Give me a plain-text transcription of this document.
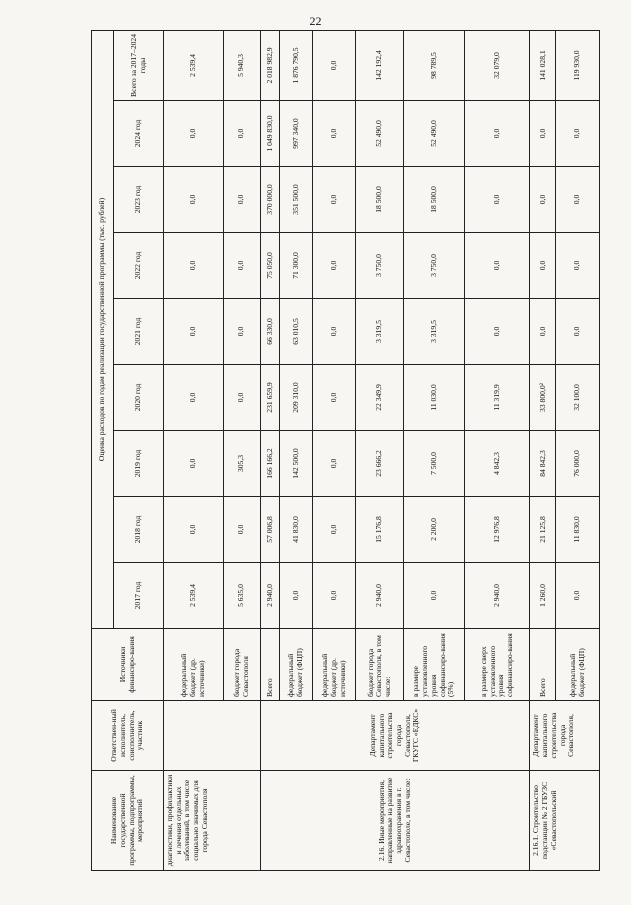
22
Наименование государственной программы, подпрограммы, мероприятий	Ответствен-ный исполнитель, соисполнитель, участник	Источники финансиро-вания	Оценка расходов по годам реализации государственной программы (тыс. рублей)								
			2017 год	2018 год	2019 год	2020 год	2021 год	2022 год	2023 год	2024 год	Всего за 2017–2024 годы
диагностики, профилактики и лечения отдельных заболеваний, в том числе социально значимых для города Севастополя		федеральный бюджет (др. источники)	2 539,4	0,0	0,0	0,0	0,0	0,0	0,0	0,0	2 539,4
		бюджет города Севастополя	5 635,0	0,0	305,3	0,0	0,0	0,0	0,0	0,0	5 940,3
2.16. Иные мероприятия, направленные на развитие здравоохранения в г. Севастополе, в том числе:	Департамент капитального строительства города Севастополя, ГКУГС «ЕДКС»	Всего	2 940,0	57 006,8	166 166,2	231 659,9	66 330,0	75 050,0	370 000,0	1 049 830,0	2 018 982,9
		федеральный бюджет (ФЦП)	0,0	41 830,0	142 500,0	209 310,0	63 010,5	71 300,0	351 500,0	997 340,0	1 876 790,5
		федеральный бюджет (др. источники)	0,0	0,0	0,0	0,0	0,0	0,0	0,0	0,0	0,0
		бюджет города Севастополя, в том числе:	2 940,0	15 176,8	23 666,2	22 349,9	3 319,5	3 750,0	18 500,0	52 490,0	142 192,4
		в размере установленного уровня софинансиро-вания (5%)	0,0	2 200,0	7 500,0	11 030,0	3 319,5	3 750,0	18 500,0	52 490,0	98 789,5
		в размере сверх установленного уровня софинансиро-вания	2 940,0	12 976,8	4 842,3	11 319,9	0,0	0,0	0,0	0,0	32 079,0
2.16.1. Строительство подстанции № 2 ГБУЗС «Севастопольский	Департамент капитального строительства города Севастополя,	Всего	1 260,0	21 125,8	84 842,3	33 800,0²	0,0	0,0	0,0	0,0	141 028,1
		федеральный бюджет (ФЦП)	0,0	11 830,0	76 000,0	32 100,0	0,0	0,0	0,0	0,0	119 930,0
